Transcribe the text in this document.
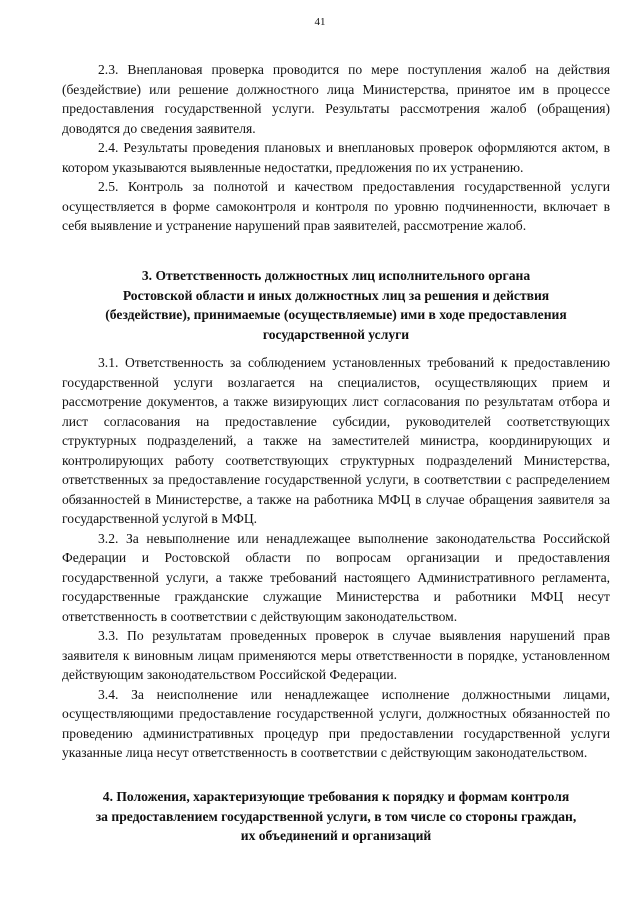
41

2.3. Внеплановая проверка проводится по мере поступления жалоб на действия (бездействие) или решение должностного лица Министерства, принятое им в процессе предоставления государственной услуги. Результаты рассмотрения жалоб (обращения) доводятся до сведения заявителя.

2.4. Результаты проведения плановых и внеплановых проверок оформляются актом, в котором указываются выявленные недостатки, предложения по их устранению.

2.5. Контроль за полнотой и качеством предоставления государственной услуги осуществляется в форме самоконтроля и контроля по уровню подчиненности, включает в себя выявление и устранение нарушений прав заявителей, рассмотрение жалоб.

3. Ответственность должностных лиц исполнительного органа
Ростовской области и иных должностных лиц за решения и действия
(бездействие), принимаемые (осуществляемые) ими в ходе предоставления
государственной услуги

3.1. Ответственность за соблюдением установленных требований к предоставлению государственной услуги возлагается на специалистов, осуществляющих прием и рассмотрение документов, а также визирующих лист согласования по результатам отбора и лист согласования на предоставление субсидии, руководителей соответствующих структурных подразделений, а также на заместителей министра, координирующих и контролирующих работу соответствующих структурных подразделений Министерства, ответственных за предоставление государственной услуги, в соответствии с распределением обязанностей в Министерстве, а также на работника МФЦ в случае обращения заявителя за государственной услугой в МФЦ.

3.2. За невыполнение или ненадлежащее выполнение законодательства Российской Федерации и Ростовской области по вопросам организации и предоставления государственной услуги, а также требований настоящего Административного регламента, государственные гражданские служащие Министерства и работники МФЦ несут ответственность в соответствии с действующим законодательством.

3.3. По результатам проведенных проверок в случае выявления нарушений прав заявителя к виновным лицам применяются меры ответственности в порядке, установленном действующим законодательством Российской Федерации.

3.4. За неисполнение или ненадлежащее исполнение должностными лицами, осуществляющими предоставление государственной услуги, должностных обязанностей по проведению административных процедур при предоставлении государственной услуги указанные лица несут ответственность в соответствии с действующим законодательством.

4. Положения, характеризующие требования к порядку и формам контроля
за предоставлением государственной услуги, в том числе со стороны граждан,
их объединений и организаций
